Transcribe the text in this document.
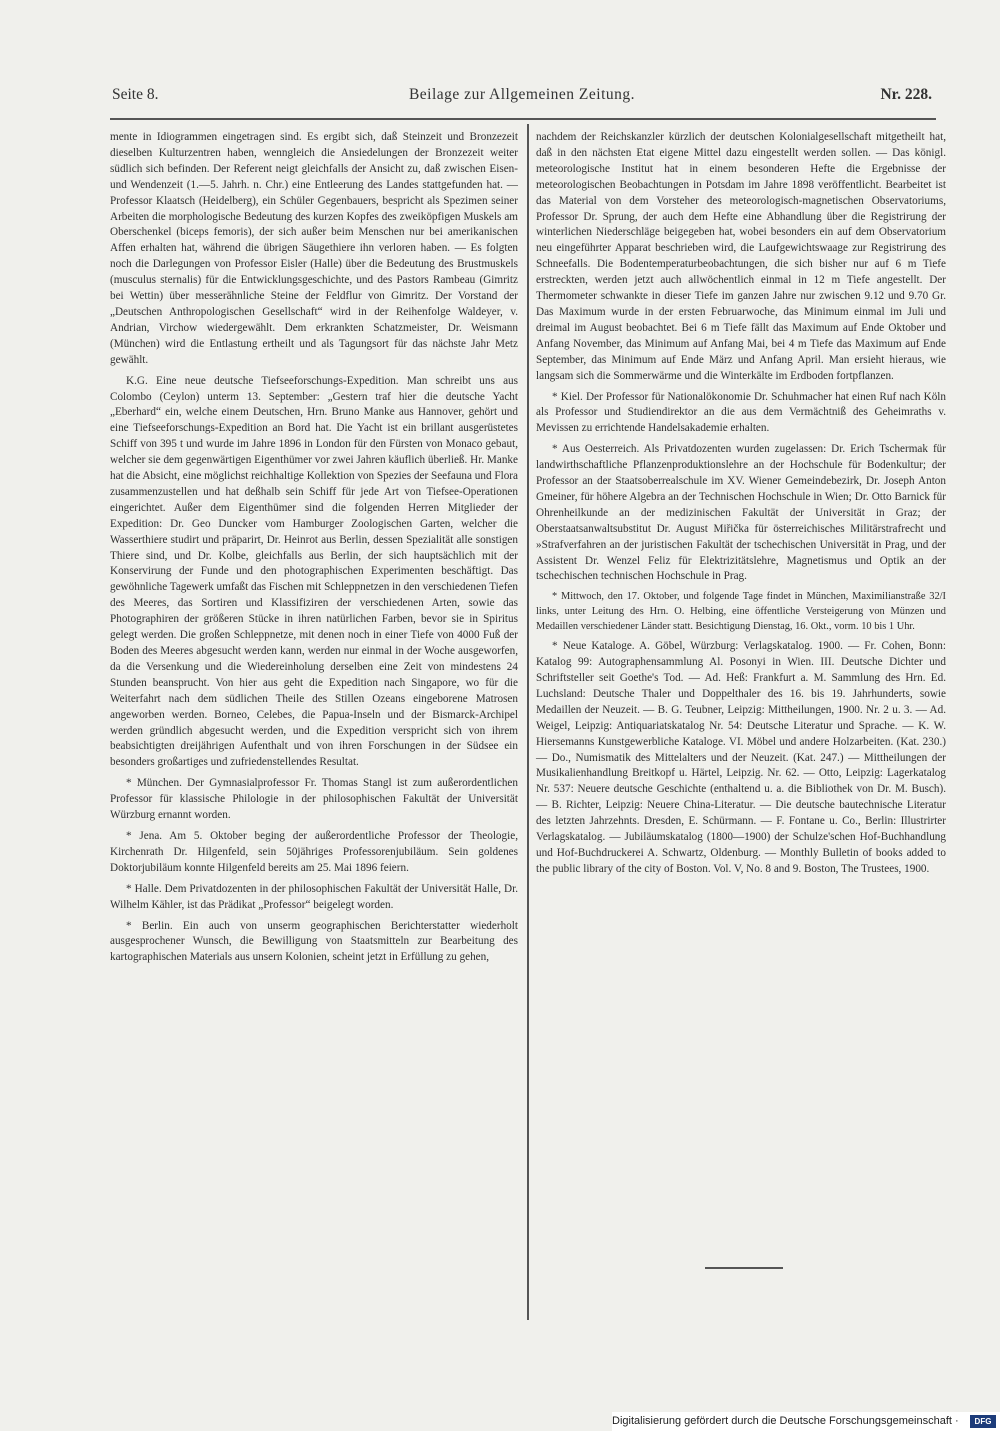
Seite 8.	Beilage zur Allgemeinen Zeitung.	Nr. 228.

mente in Idiogrammen eingetragen sind. Es ergibt sich, daß Steinzeit und Bronzezeit dieselben Kulturzentren haben, wenngleich die Ansiedelungen der Bronzezeit weiter südlich sich befinden. Der Referent neigt gleichfalls der Ansicht zu, daß zwischen Eisen- und Wendenzeit (1.—5. Jahrh. n. Chr.) eine Entleerung des Landes stattgefunden hat. — Professor Klaatsch (Heidelberg), ein Schüler Gegenbauers, bespricht als Spezimen seiner Arbeiten die morphologische Bedeutung des kurzen Kopfes des zweiköpfigen Muskels am Oberschenkel (biceps femoris), der sich außer beim Menschen nur bei amerikanischen Affen erhalten hat, während die übrigen Säugethiere ihn verloren haben. — Es folgten noch die Darlegungen von Professor Eisler (Halle) über die Bedeutung des Brustmuskels (musculus sternalis) für die Entwicklungsgeschichte, und des Pastors Rambeau (Gimritz bei Wettin) über messerähnliche Steine der Feldflur von Gimritz. Der Vorstand der „Deutschen Anthropologischen Gesellschaft“ wird in der Reihenfolge Waldeyer, v. Andrian, Virchow wiedergewählt. Dem erkrankten Schatzmeister, Dr. Weismann (München) wird die Entlastung ertheilt und als Tagungsort für das nächste Jahr Metz gewählt.

K.G. Eine neue deutsche Tiefseeforschungs-Expedition. Man schreibt uns aus Colombo (Ceylon) unterm 13. September: „Gestern traf hier die deutsche Yacht „Eberhard“ ein, welche einem Deutschen, Hrn. Bruno Manke aus Hannover, gehört und eine Tiefseeforschungs-Expedition an Bord hat. Die Yacht ist ein brillant ausgerüstetes Schiff von 395 t und wurde im Jahre 1896 in London für den Fürsten von Monaco gebaut, welcher sie dem gegenwärtigen Eigenthümer vor zwei Jahren käuflich überließ. Hr. Manke hat die Absicht, eine möglichst reichhaltige Kollektion von Spezies der Seefauna und Flora zusammenzustellen und hat deßhalb sein Schiff für jede Art von Tiefsee-Operationen eingerichtet. Außer dem Eigenthümer sind die folgenden Herren Mitglieder der Expedition: Dr. Geo Duncker vom Hamburger Zoologischen Garten, welcher die Wasserthiere studirt und präparirt, Dr. Heinrot aus Berlin, dessen Spezialität alle sonstigen Thiere sind, und Dr. Kolbe, gleichfalls aus Berlin, der sich hauptsächlich mit der Konservirung der Funde und den photographischen Experimenten beschäftigt. Das gewöhnliche Tagewerk umfaßt das Fischen mit Schleppnetzen in den verschiedenen Tiefen des Meeres, das Sortiren und Klassifiziren der verschiedenen Arten, sowie das Photographiren der größeren Stücke in ihren natürlichen Farben, bevor sie in Spiritus gelegt werden. Die großen Schleppnetze, mit denen noch in einer Tiefe von 4000 Fuß der Boden des Meeres abgesucht werden kann, werden nur einmal in der Woche ausgeworfen, da die Versenkung und die Wiedereinholung derselben eine Zeit von mindestens 24 Stunden beansprucht. Von hier aus geht die Expedition nach Singapore, wo für die Weiterfahrt nach dem südlichen Theile des Stillen Ozeans eingeborene Matrosen angeworben werden. Borneo, Celebes, die Papua-Inseln und der Bismarck-Archipel werden gründlich abgesucht werden, und die Expedition verspricht sich von ihrem beabsichtigten dreijährigen Aufenthalt und von ihren Forschungen in der Südsee ein besonders großartiges und zufriedenstellendes Resultat.

* München. Der Gymnasialprofessor Fr. Thomas Stangl ist zum außerordentlichen Professor für klassische Philologie in der philosophischen Fakultät der Universität Würzburg ernannt worden.

* Jena. Am 5. Oktober beging der außerordentliche Professor der Theologie, Kirchenrath Dr. Hilgenfeld, sein 50jähriges Professorenjubiläum. Sein goldenes Doktorjubiläum konnte Hilgenfeld bereits am 25. Mai 1896 feiern.

* Halle. Dem Privatdozenten in der philosophischen Fakultät der Universität Halle, Dr. Wilhelm Kähler, ist das Prädikat „Professor“ beigelegt worden.

* Berlin. Ein auch von unserm geographischen Berichterstatter wiederholt ausgesprochener Wunsch, die Bewilligung von Staatsmitteln zur Bearbeitung des kartographischen Materials aus unsern Kolonien, scheint jetzt in Erfüllung zu gehen,

nachdem der Reichskanzler kürzlich der deutschen Kolonialgesellschaft mitgetheilt hat, daß in den nächsten Etat eigene Mittel dazu eingestellt werden sollen. — Das königl. meteorologische Institut hat in einem besonderen Hefte die Ergebnisse der meteorologischen Beobachtungen in Potsdam im Jahre 1898 veröffentlicht. Bearbeitet ist das Material von dem Vorsteher des meteorologisch-magnetischen Observatoriums, Professor Dr. Sprung, der auch dem Hefte eine Abhandlung über die Registrirung der winterlichen Niederschläge beigegeben hat, wobei besonders ein auf dem Observatorium neu eingeführter Apparat beschrieben wird, die Laufgewichtswaage zur Registrirung des Schneefalls. Die Bodentemperaturbeobachtungen, die sich bisher nur auf 6 m Tiefe erstreckten, werden jetzt auch allwöchentlich einmal in 12 m Tiefe angestellt. Der Thermometer schwankte in dieser Tiefe im ganzen Jahre nur zwischen 9.12 und 9.70 Gr. Das Maximum wurde in der ersten Februarwoche, das Minimum einmal im Juli und dreimal im August beobachtet. Bei 6 m Tiefe fällt das Maximum auf Ende Oktober und Anfang November, das Minimum auf Anfang Mai, bei 4 m Tiefe das Maximum auf Ende September, das Minimum auf Ende März und Anfang April. Man ersieht hieraus, wie langsam sich die Sommerwärme und die Winterkälte im Erdboden fortpflanzen.

* Kiel. Der Professor für Nationalökonomie Dr. Schuhmacher hat einen Ruf nach Köln als Professor und Studiendirektor an die aus dem Vermächtniß des Geheimraths v. Mevissen zu errichtende Handelsakademie erhalten.

* Aus Oesterreich. Als Privatdozenten wurden zugelassen: Dr. Erich Tschermak für landwirthschaftliche Pflanzenproduktionslehre an der Hochschule für Bodenkultur; der Professor an der Staatsoberrealschule im XV. Wiener Gemeindebezirk, Dr. Joseph Anton Gmeiner, für höhere Algebra an der Technischen Hochschule in Wien; Dr. Otto Barnick für Ohrenheilkunde an der medizinischen Fakultät der Universität in Graz; der Oberstaatsanwaltsubstitut Dr. August Miřička für österreichisches Militärstrafrecht und »Strafverfahren an der juristischen Fakultät der tschechischen Universität in Prag, und der Assistent Dr. Wenzel Feliz für Elektrizitätslehre, Magnetismus und Optik an der tschechischen technischen Hochschule in Prag.

* Mittwoch, den 17. Oktober, und folgende Tage findet in München, Maximilianstraße 32/I links, unter Leitung des Hrn. O. Helbing, eine öffentliche Versteigerung von Münzen und Medaillen verschiedener Länder statt. Besichtigung Dienstag, 16. Okt., vorm. 10 bis 1 Uhr.

* Neue Kataloge. A. Göbel, Würzburg: Verlagskatalog. 1900. — Fr. Cohen, Bonn: Katalog 99: Autographensammlung Al. Posonyi in Wien. III. Deutsche Dichter und Schriftsteller seit Goethe's Tod. — Ad. Heß: Frankfurt a. M. Sammlung des Hrn. Ed. Luchsland: Deutsche Thaler und Doppelthaler des 16. bis 19. Jahrhunderts, sowie Medaillen der Neuzeit. — B. G. Teubner, Leipzig: Mittheilungen, 1900. Nr. 2 u. 3. — Ad. Weigel, Leipzig: Antiquariatskatalog Nr. 54: Deutsche Literatur und Sprache. — K. W. Hiersemanns Kunstgewerbliche Kataloge. VI. Möbel und andere Holzarbeiten. (Kat. 230.) — Do., Numismatik des Mittelalters und der Neuzeit. (Kat. 247.) — Mittheilungen der Musikalienhandlung Breitkopf u. Härtel, Leipzig. Nr. 62. — Otto, Leipzig: Lagerkatalog Nr. 537: Neuere deutsche Geschichte (enthaltend u. a. die Bibliothek von Dr. M. Busch). — B. Richter, Leipzig: Neuere China-Literatur. — Die deutsche bautechnische Literatur des letzten Jahrzehnts. Dresden, E. Schürmann. — F. Fontane u. Co., Berlin: Illustrirter Verlagskatalog. — Jubiläumskatalog (1800—1900) der Schulze'schen Hof-Buchhandlung und Hof-Buchdruckerei A. Schwartz, Oldenburg. — Monthly Bulletin of books added to the public library of the city of Boston. Vol. V, No. 8 and 9. Boston, The Trustees, 1900.

Digitalisierung gefördert durch die Deutsche Forschungsgemeinschaft ·	DFG
